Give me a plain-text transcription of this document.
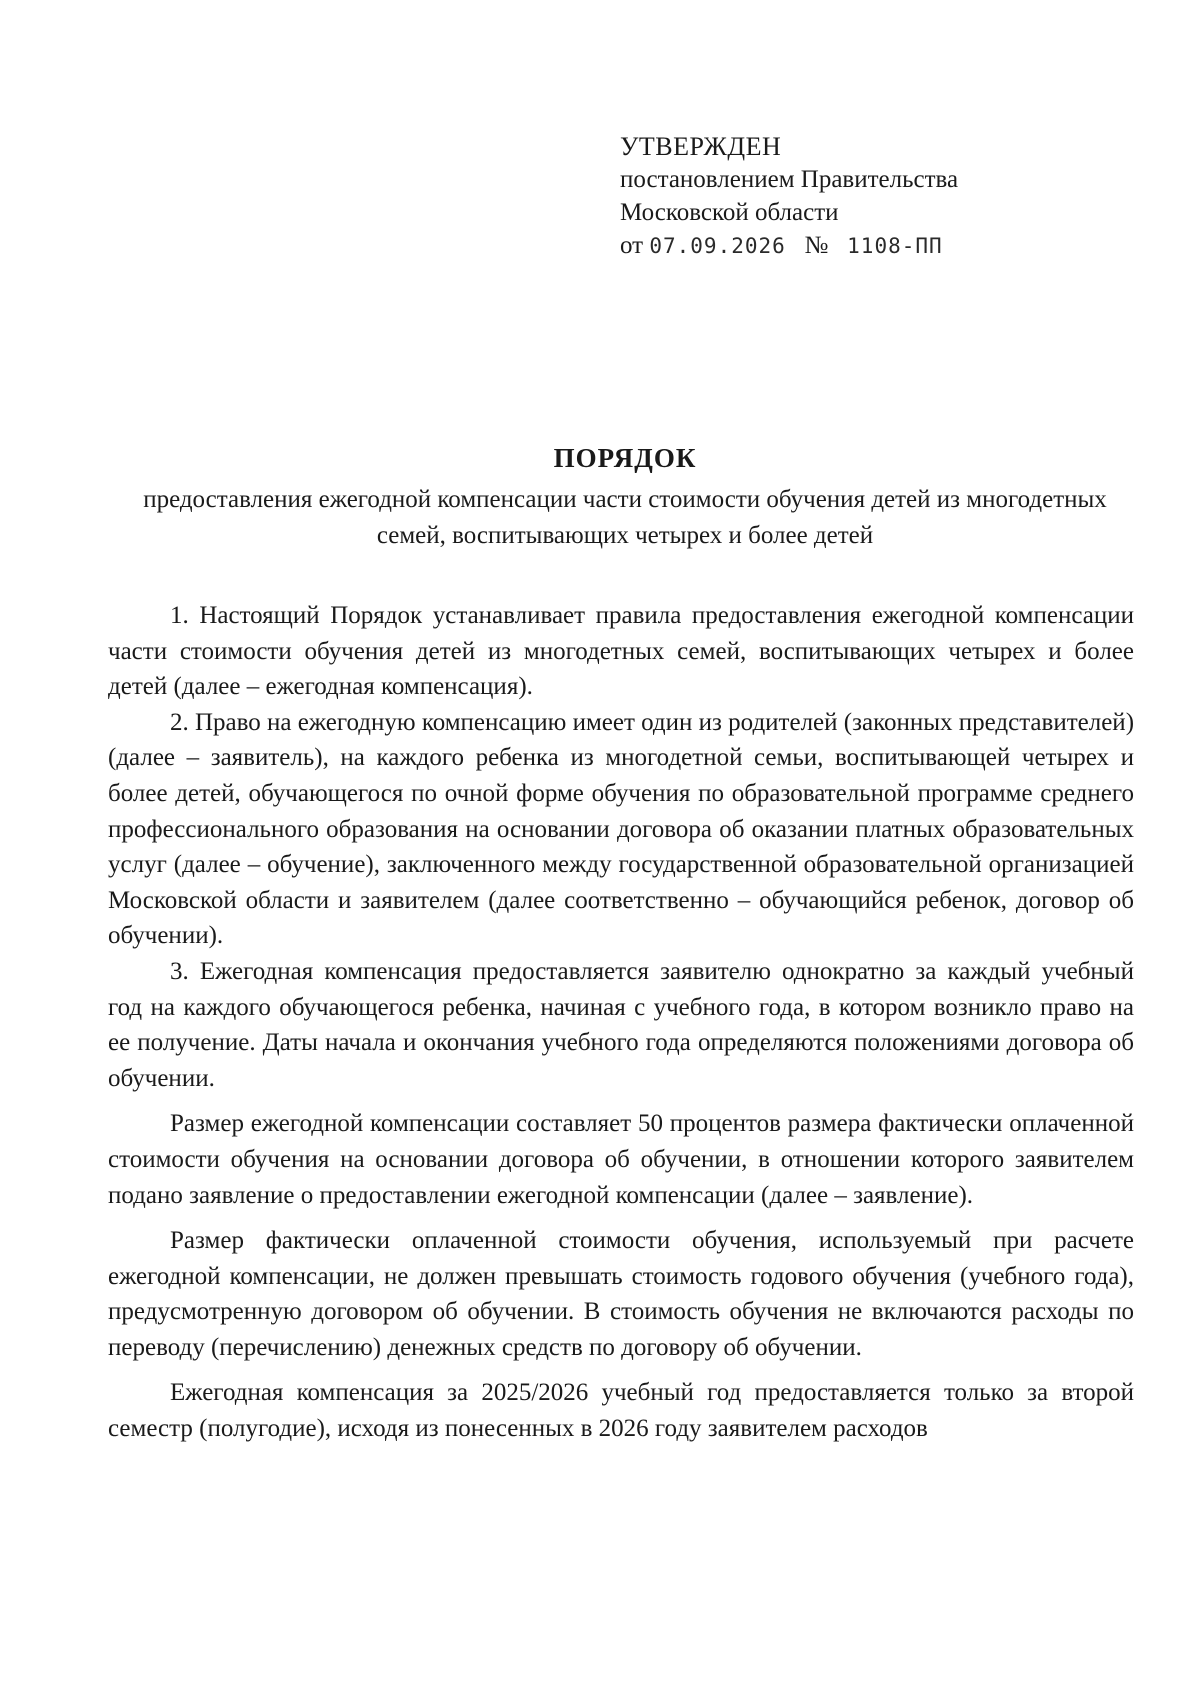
УТВЕРЖДЕН
постановлением Правительства
Московской области
от 07.09.2026 № 1108-ПП
ПОРЯДОК

предоставления ежегодной компенсации части стоимости обучения детей из многодетных семей, воспитывающих четырех и более детей

1. Настоящий Порядок устанавливает правила предоставления ежегодной компенсации части стоимости обучения детей из многодетных семей, воспитывающих четырех и более детей (далее – ежегодная компенсация).

2. Право на ежегодную компенсацию имеет один из родителей (законных представителей) (далее – заявитель), на каждого ребенка из многодетной семьи, воспитывающей четырех и более детей, обучающегося по очной форме обучения по образовательной программе среднего профессионального образования на основании договора об оказании платных образовательных услуг (далее – обучение), заключенного между государственной образовательной организацией Московской области и заявителем (далее соответственно – обучающийся ребенок, договор об обучении).

3. Ежегодная компенсация предоставляется заявителю однократно за каждый учебный год на каждого обучающегося ребенка, начиная с учебного года, в котором возникло право на ее получение. Даты начала и окончания учебного года определяются положениями договора об обучении.

Размер ежегодной компенсации составляет 50 процентов размера фактически оплаченной стоимости обучения на основании договора об обучении, в отношении которого заявителем подано заявление о предоставлении ежегодной компенсации (далее – заявление).

Размер фактически оплаченной стоимости обучения, используемый при расчете ежегодной компенсации, не должен превышать стоимость годового обучения (учебного года), предусмотренную договором об обучении. В стоимость обучения не включаются расходы по переводу (перечислению) денежных средств по договору об обучении.

Ежегодная компенсация за 2025/2026 учебный год предоставляется только за второй семестр (полугодие), исходя из понесенных в 2026 году заявителем расходов
